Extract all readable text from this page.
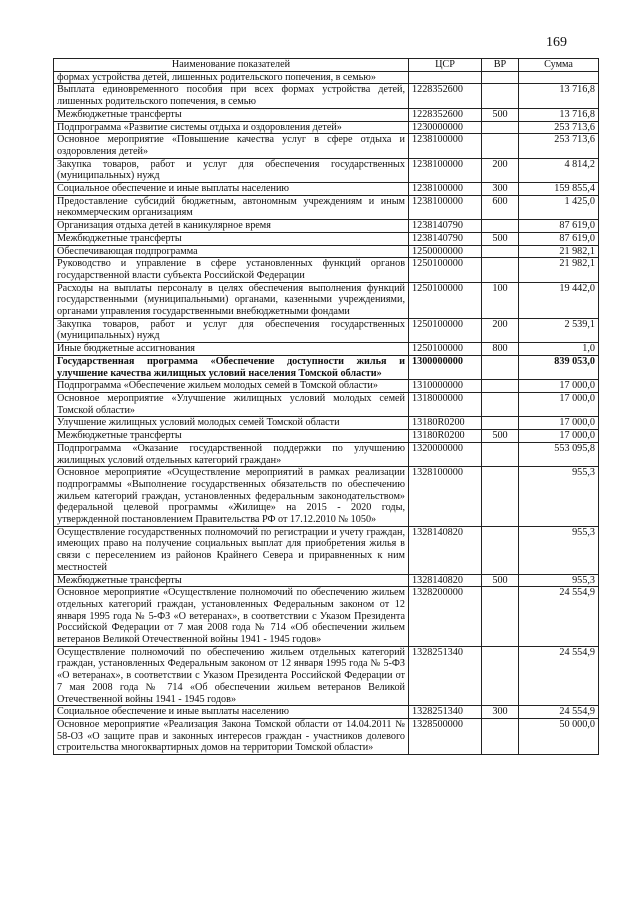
169
Наименование показателей	ЦСР	ВР	Сумма
формах устройства детей, лишенных родительского попечения, в семью»			
Выплата единовременного пособия при всех формах устройства детей, лишенных родительского попечения, в семью	1228352600		13 716,8
Межбюджетные трансферты	1228352600	500	13 716,8
Подпрограмма «Развитие системы отдыха и оздоровления детей»	1230000000		253 713,6
Основное мероприятие «Повышение качества услуг в сфере отдыха и оздоровления детей»	1238100000		253 713,6
Закупка товаров, работ и услуг для обеспечения государственных (муниципальных) нужд	1238100000	200	4 814,2
Социальное обеспечение и иные выплаты населению	1238100000	300	159 855,4
Предоставление субсидий бюджетным, автономным учреждениям и иным некоммерческим организациям	1238100000	600	1 425,0
Организация отдыха детей в каникулярное время	1238140790		87 619,0
Межбюджетные трансферты	1238140790	500	87 619,0
Обеспечивающая подпрограмма	1250000000		21 982,1
Руководство и управление в сфере установленных функций органов государственной власти субъекта Российской Федерации	1250100000		21 982,1
Расходы на выплаты персоналу в целях обеспечения выполнения функций государственными (муниципальными) органами, казенными учреждениями, органами управления государственными внебюджетными фондами	1250100000	100	19 442,0
Закупка товаров, работ и услуг для обеспечения государственных (муниципальных) нужд	1250100000	200	2 539,1
Иные бюджетные ассигнования	1250100000	800	1,0
Государственная программа «Обеспечение доступности жилья и улучшение качества жилищных условий населения Томской области»	1300000000		839 053,0
Подпрограмма «Обеспечение жильем молодых семей в Томской области»	1310000000		17 000,0
Основное мероприятие «Улучшение жилищных условий молодых семей Томской области»	1318000000		17 000,0
Улучшение жилищных условий молодых семей Томской области	13180R0200		17 000,0
Межбюджетные трансферты	13180R0200	500	17 000,0
Подпрограмма «Оказание государственной поддержки по улучшению жилищных условий отдельных категорий граждан»	1320000000		553 095,8
Основное мероприятие «Осуществление мероприятий в рамках реализации подпрограммы «Выполнение государственных обязательств по обеспечению жильем категорий граждан, установленных федеральным законодательством» федеральной целевой программы «Жилище» на 2015 - 2020 годы, утвержденной постановлением Правительства РФ от 17.12.2010 № 1050»	1328100000		955,3
Осуществление государственных полномочий по регистрации и учету граждан, имеющих право на получение социальных выплат для приобретения жилья в связи с переселением из районов Крайнего Севера и приравненных к ним местностей	1328140820		955,3
Межбюджетные трансферты	1328140820	500	955,3
Основное мероприятие «Осуществление полномочий по обеспечению жильем отдельных категорий граждан, установленных Федеральным законом от 12 января 1995 года № 5-ФЗ «О ветеранах», в соответствии с Указом Президента Российской Федерации от 7 мая 2008 года № 714 «Об обеспечении жильем ветеранов Великой Отечественной войны 1941 - 1945 годов»	1328200000		24 554,9
Осуществление полномочий по обеспечению жильем отдельных категорий граждан, установленных Федеральным законом от 12 января 1995 года № 5-ФЗ «О ветеранах», в соответствии с Указом Президента Российской Федерации от 7 мая 2008 года № 714 «Об обеспечении жильем ветеранов Великой Отечественной войны 1941 - 1945 годов»	1328251340		24 554,9
Социальное обеспечение и иные выплаты населению	1328251340	300	24 554,9
Основное мероприятие «Реализация Закона Томской области от 14.04.2011 № 58-ОЗ «О защите прав и законных интересов граждан - участников долевого строительства многоквартирных домов на территории Томской области»	1328500000		50 000,0
